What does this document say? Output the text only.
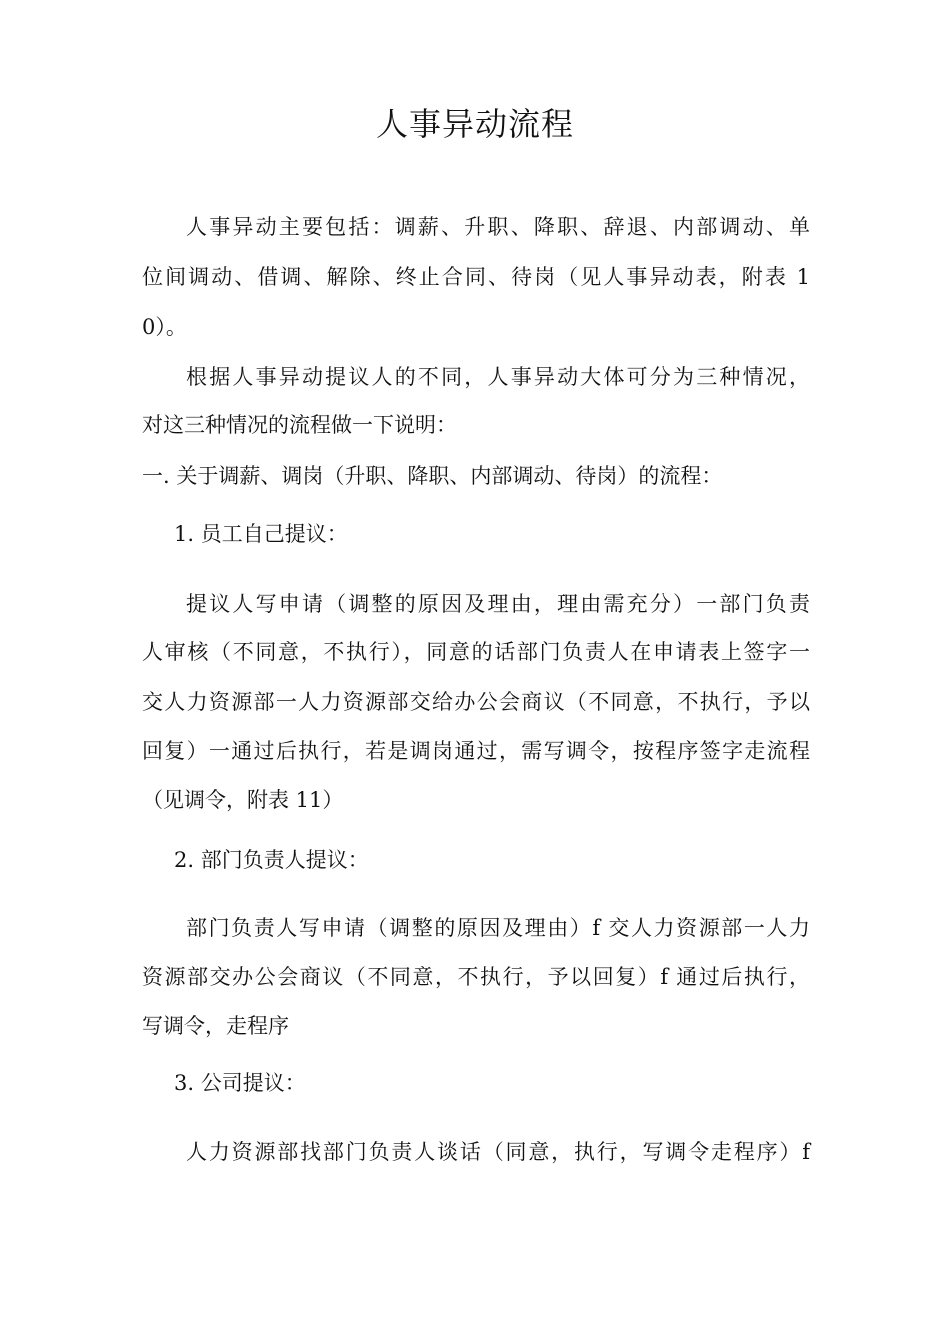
人事异动流程

人事异动主要包括：调薪、升职、降职、辞退、内部调动、单

位间调动、借调、解除、终止合同、待岗（见人事异动表，附表 1

0）。

根据人事异动提议人的不同，人事异动大体可分为三种情况，

对这三种情况的流程做一下说明：

一. 关于调薪、调岗（升职、降职、内部调动、待岗）的流程：

1. 员工自己提议：

提议人写申请（调整的原因及理由，理由需充分）一部门负责

人审核（不同意，不执行），同意的话部门负责人在申请表上签字一

交人力资源部一人力资源部交给办公会商议（不同意，不执行，予以

回复）一通过后执行，若是调岗通过，需写调令，按程序签字走流程

（见调令，附表 11）

2. 部门负责人提议：

部门负责人写申请（调整的原因及理由）f 交人力资源部一人力

资源部交办公会商议（不同意，不执行，予以回复）f 通过后执行，

写调令，走程序

3. 公司提议：

人力资源部找部门负责人谈话（同意，执行，写调令走程序）f
